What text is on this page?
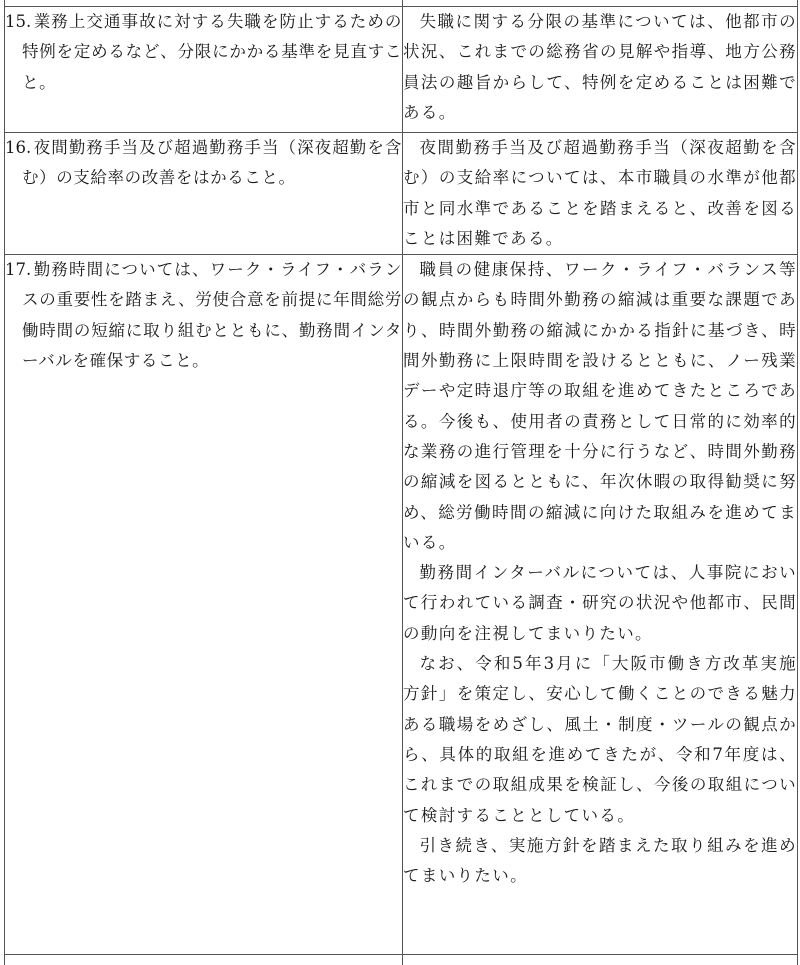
15. 業務上交通事故に対する失職を防止するための特例を定めるなど、分限にかかる基準を見直すこと。	失職に関する分限の基準については、他都市の状況、これまでの総務省の見解や指導、地方公務員法の趣旨からして、特例を定めることは困難である。

16. 夜間勤務手当及び超過勤務手当（深夜超勤を含む）の支給率の改善をはかること。	夜間勤務手当及び超過勤務手当（深夜超勤を含む）の支給率については、本市職員の水準が他都市と同水準であることを踏まえると、改善を図ることは困難である。

17. 勤務時間については、ワーク・ライフ・バランスの重要性を踏まえ、労使合意を前提に年間総労働時間の短縮に取り組むとともに、勤務間インターバルを確保すること。	職員の健康保持、ワーク・ライフ・バランス等の観点からも時間外勤務の縮減は重要な課題であり、時間外勤務の縮減にかかる指針に基づき、時間外勤務に上限時間を設けるとともに、ノー残業デーや定時退庁等の取組を進めてきたところである。今後も、使用者の責務として日常的に効率的な業務の進行管理を十分に行うなど、時間外勤務の縮減を図るとともに、年次休暇の取得勧奨に努め、総労働時間の縮減に向けた取組みを進めてまいる。

勤務間インターバルについては、人事院において行われている調査・研究の状況や他都市、民間の動向を注視してまいりたい。

なお、令和5年3月に「大阪市働き方改革実施方針」を策定し、安心して働くことのできる魅力ある職場をめざし、風土・制度・ツールの観点から、具体的取組を進めてきたが、令和7年度は、これまでの取組成果を検証し、今後の取組について検討することとしている。

引き続き、実施方針を踏まえた取り組みを進めてまいりたい。
